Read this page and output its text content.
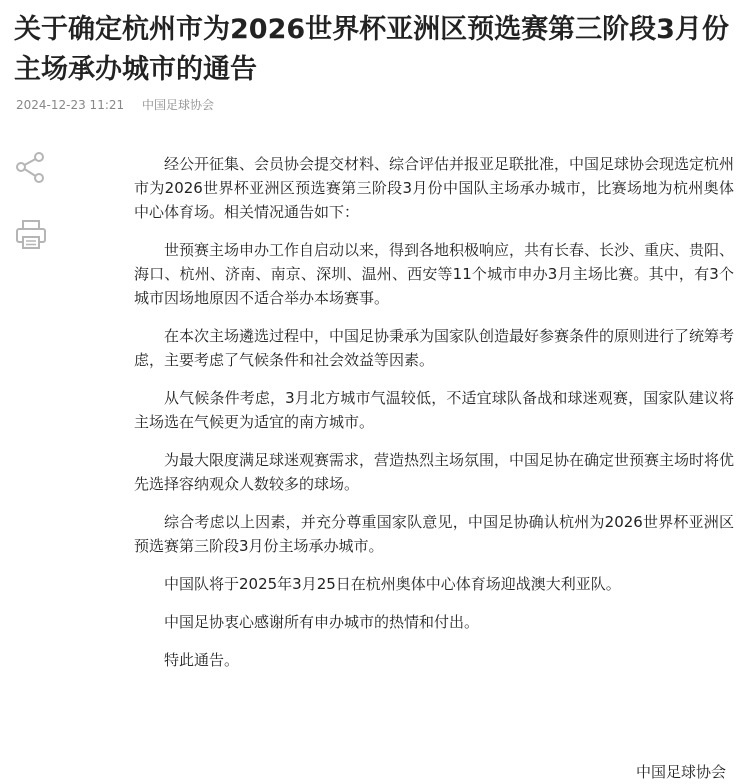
关于确定杭州市为2026世界杯亚洲区预选赛第三阶段3月份主场承办城市的通告
2024-12-23 11:21 中国足球协会

经公开征集、会员协会提交材料、综合评估并报亚足联批准，中国足球协会现选定杭州市为2026世界杯亚洲区预选赛第三阶段3月份中国队主场承办城市，比赛场地为杭州奥体中心体育场。相关情况通告如下：

世预赛主场申办工作自启动以来，得到各地积极响应，共有长春、长沙、重庆、贵阳、海口、杭州、济南、南京、深圳、温州、西安等11个城市申办3月主场比赛。其中，有3个城市因场地原因不适合举办本场赛事。

在本次主场遴选过程中，中国足协秉承为国家队创造最好参赛条件的原则进行了统筹考虑，主要考虑了气候条件和社会效益等因素。

从气候条件考虑，3月北方城市气温较低，不适宜球队备战和球迷观赛，国家队建议将主场选在气候更为适宜的南方城市。

为最大限度满足球迷观赛需求，营造热烈主场氛围，中国足协在确定世预赛主场时将优先选择容纳观众人数较多的球场。

综合考虑以上因素，并充分尊重国家队意见，中国足协确认杭州为2026世界杯亚洲区预选赛第三阶段3月份主场承办城市。

中国队将于2025年3月25日在杭州奥体中心体育场迎战澳大利亚队。

中国足协衷心感谢所有申办城市的热情和付出。

特此通告。

中国足球协会
